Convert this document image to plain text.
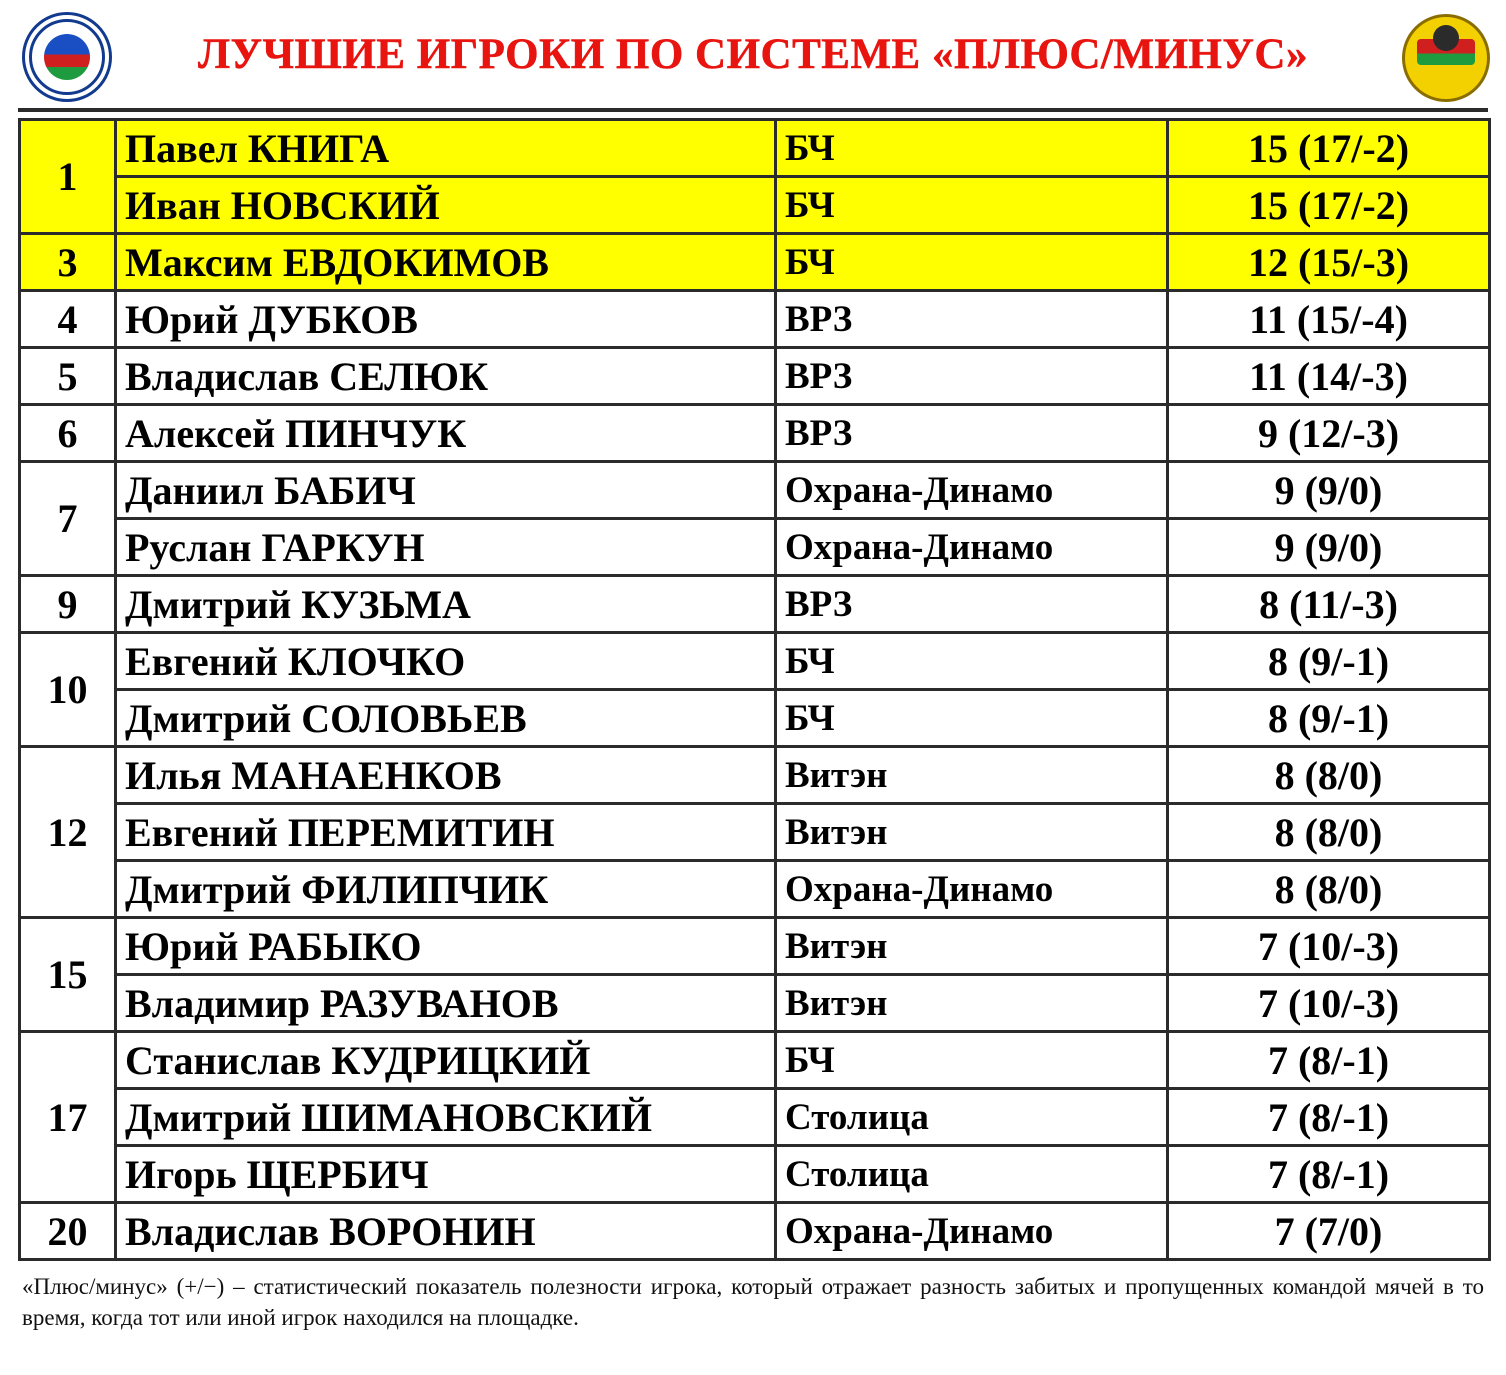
ЛУЧШИЕ ИГРОКИ ПО СИСТЕМЕ «ПЛЮС/МИНУС»
1	Павел КНИГА	БЧ	15 (17/-2)
	Иван НОВСКИЙ	БЧ	15 (17/-2)
3	Максим ЕВДОКИМОВ	БЧ	12 (15/-3)
4	Юрий ДУБКОВ	ВРЗ	11 (15/-4)
5	Владислав СЕЛЮК	ВРЗ	11 (14/-3)
6	Алексей ПИНЧУК	ВРЗ	9 (12/-3)
7	Даниил БАБИЧ	Охрана-Динамо	9 (9/0)
	Руслан ГАРКУН	Охрана-Динамо	9 (9/0)
9	Дмитрий КУЗЬМА	ВРЗ	8 (11/-3)
10	Евгений КЛОЧКО	БЧ	8 (9/-1)
	Дмитрий СОЛОВЬЕВ	БЧ	8 (9/-1)
12	Илья МАНАЕНКОВ	Витэн	8 (8/0)
	Евгений ПЕРЕМИТИН	Витэн	8 (8/0)
	Дмитрий ФИЛИПЧИК	Охрана-Динамо	8 (8/0)
15	Юрий РАБЫКО	Витэн	7 (10/-3)
	Владимир РАЗУВАНОВ	Витэн	7 (10/-3)
17	Станислав КУДРИЦКИЙ	БЧ	7 (8/-1)
	Дмитрий ШИМАНОВСКИЙ	Столица	7 (8/-1)
	Игорь ЩЕРБИЧ	Столица	7 (8/-1)
20	Владислав ВОРОНИН	Охрана-Динамо	7 (7/0)
«Плюс/минус» (+/−) – статистический показатель полезности игрока, который отражает разность забитых и пропущенных командой мячей в то время, когда тот или иной игрок находился на площадке.
